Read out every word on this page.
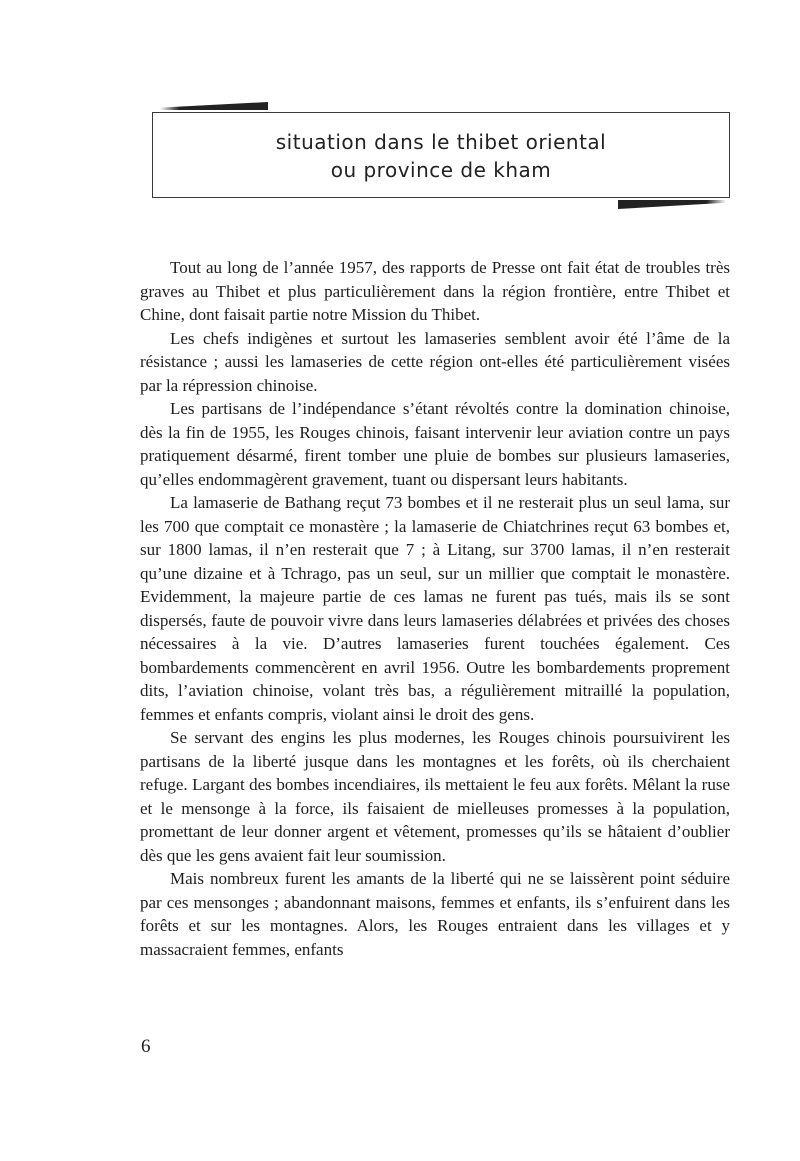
situation dans le thibet oriental
ou province de kham

Tout au long de l’année 1957, des rapports de Presse ont fait état de troubles très graves au Thibet et plus particulièrement dans la région frontière, entre Thibet et Chine, dont faisait partie notre Mission du Thibet.

Les chefs indigènes et surtout les lamaseries semblent avoir été l’âme de la résistance ; aussi les lamaseries de cette région ont-elles été particulièrement visées par la répression chinoise.

Les partisans de l’indépendance s’étant révoltés contre la domination chinoise, dès la fin de 1955, les Rouges chinois, faisant intervenir leur aviation contre un pays pratiquement désarmé, firent tomber une pluie de bombes sur plusieurs lamaseries, qu’elles endommagèrent gravement, tuant ou dispersant leurs habitants.

La lamaserie de Bathang reçut 73 bombes et il ne resterait plus un seul lama, sur les 700 que comptait ce monastère ; la lamaserie de Chiatchrines reçut 63 bombes et, sur 1800 lamas, il n’en resterait que 7 ; à Litang, sur 3700 lamas, il n’en resterait qu’une dizaine et à Tchrago, pas un seul, sur un millier que comptait le monastère. Evidemment, la majeure partie de ces lamas ne furent pas tués, mais ils se sont dispersés, faute de pouvoir vivre dans leurs lamaseries délabrées et privées des choses nécessaires à la vie. D’autres lamaseries furent touchées également. Ces bombardements commencèrent en avril 1956. Outre les bombardements proprement dits, l’aviation chinoise, volant très bas, a régulièrement mitraillé la population, femmes et enfants compris, violant ainsi le droit des gens.

Se servant des engins les plus modernes, les Rouges chinois poursuivirent les partisans de la liberté jusque dans les montagnes et les forêts, où ils cherchaient refuge. Largant des bombes incendiaires, ils mettaient le feu aux forêts. Mêlant la ruse et le mensonge à la force, ils faisaient de mielleuses promesses à la population, promettant de leur donner argent et vêtement, promesses qu’ils se hâtaient d’oublier dès que les gens avaient fait leur soumission.

Mais nombreux furent les amants de la liberté qui ne se laissèrent point séduire par ces mensonges ; abandonnant maisons, femmes et enfants, ils s’enfuirent dans les forêts et sur les montagnes. Alors, les Rouges entraient dans les villages et y massacraient femmes, enfants

6
